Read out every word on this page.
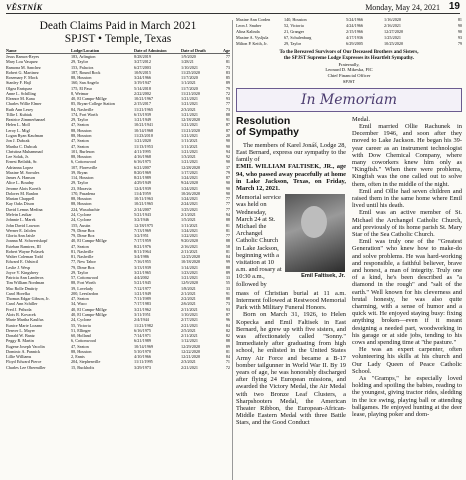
VĚSTNÍK	Monday, May 24, 2021 19
Death Claims Paid in March 2021
SPJST • Temple, Texas
Name	Lodge/Location	Date of Admission	Date of Death	Age
Jesus Ramos-Reyes	183, Arlington	8/28/2019	1/9/2020	77
Mary Lou Vasquez	29, Taylor	3/27/2012	1/28/21	81
Ramona M. Sanchez	153, Palacios	6/27/2003	1/10/2021	73
Robert G. Martinez	187, Round Rock	10/8/2015	11/25/2020	83
Rosemary F. Mock	88, Houston	3/24/1966	11/7/2020	85
Stanley F. Hajl	160, San Angelo	3/19/1947	1/1/2021	89
Olgea Enriquez	175, El Paso	5/14/2018	11/7/2020	79
Anne L. Schilling	8, Weimar	2/22/2002	11/21/2020	72
Eleanor M. Kana	40, El Campo-Millge	10/21/1967	1/21/2021	93
Charles Willie Elmer	85, Bryan-College Station	2/15/2017	1/21/2021	77
Ruth Ann Lesey	84, Nashville	11/21/1965	2/3/2021	73
Tillie I. Kubiak	174, Fort Worth	6/13/1939	1/21/2021	88
Beatrice Zimmerhanzel	29, Taylor	1/21/1949	12/18/2020	91
Helen L. Moll	47, Seaton	10/21/1941	1/21/2021	87
Leroy L. Migl	88, Houston	10/14/1968	11/21/2020	87
Logan Ryan Kaufman	88, Houston	11/23/2010	1/21/2021	20
Jon J. Dubcak	47, Seaton	1/21/2020	1/11/2021	90
Martha C. Dubcak	47, Seaton	11/13/1953	1/11/2021	90
Christina Muhammad	101, Burleson	4/11/1995	1/21/2021	94
Lee Solak, Jr.	88, Houston	4/16/1968	1/3/2021	92
Ernest Beilabk, Sr.	6, Cottonwood	6/16/1975	1/21/2021	90
Adrianna Lopez	107, Floresville	6/21/2007	12/28/2020	37
Maxine M. Sorrales	39, Bryan	8/20/1969	1/17/2021	79
James A. Hanson	114, Houston	8/21/1989	1/24/2021	87
Alice L. Boudny	29, Taylor	4/29/1949	9/24/2020	90
Jerome Alois Koerth	23, Moravia	12/4/1939	1/24/2021	90
Dolores M. Ranlon	170, Pasadena	11/4/1959	10/26/2020	90
Marian Chappell	88, Houston	10/11/1963	1/24/2021	77
Kay Oaks Dixon	88, Houston	10/21/1965	2/24/2021	77
David Lemus Medina	224, Waxahachie	2/14/2007	1/25/2021	77
Melvin Lesikar	24, Cyclone	5/21/1943	2/1/2021	94
Johnnie L. Marek	24, Cyclone	3/2/1946	1/5/2021	88
John David Lawson	155, Austin	12/18/1975	1/11/2021	81
Werner E. Jalolen	79, Dime Box	7/13/1969	1/24/2021	81
Gloria Ann Jaisle	79, Dime Box	3/2/1951	1/22/2021	77
Joanna M. Schwertskopf	40, El Campo-Millge	7/17/1959	9/20/2020	88
Esteban Ramirez, III	47, Seaton	8/21/1976	2/16/2021	58
Robert Wayne Polasek	81, Nashville	8/11/1964	2/11/2021	81
Walter Coleman Todd	81, Nashville	3/4/1986	12/25/2020	84
Edward E. Odstrcil	77, New Tabor	7/16/1955	10/18/2020	99
Leslie J. Wesp	79, Dime Box	3/13/1939	1/14/2021	88
Joyce V. Kingsbery	29, Taylor	3/21/1965	1/23/2021	89
Patricia Ann Landeros	57, Cottonwood	4/4/2002	1/21/2021	33
Tim William Nordman	88, Fort Worth	5/21/1945	12/9/2020	55
Mac Rolle Dmitriy	39, Lovelady	7/12/1977	1/8/2021	33
Carol Horelka	200, Leesfardon	1/21/1949	2/1/2021	91
Thomas Edgar Gibson, Jr.	47, Seaton	7/11/1989	2/2/2021	88
Carol Ann Schiller	34, Waco	7/17/1983	2/6/2021	73
Fred J. Prihoda	40, El Campo-Millge	3/21/1962	2/11/2021	93
Alois R. Kovacek	40, El Campo-Millge	3/11/1951	1/10/2021	87
Marie Martha Kaulfus	24, Cyclone	2/4/1944	2/17/2021	96
Eunice Marie Lozano	55, Victoria	11/21/1982	2/21/2021	84
Denver L. Mayer	51, Ellinger	6/16/1975	2/5/2021	82
Donald W. Bantz	60, Holland	7/14/1971	2/11/2021	82
Peggy R. Martin	6, Cottonwood	6/21/1989	1/12/2021	88
Eugene Joseph Vacolin	47, Seaton	10/14/1969	12/29/2020	89
Dominic A. Pannick	88, Houston	5/10/1970	12/22/2020	81
Lillie Williams	2, Ennis	4/10/1966	12/21/2020	84
Floyd Edward Pierce	204, Stephenville	11/11/1995	2/3/2021	71
Charles Lee Obermiller	15, Buckholts	3/29/1973	2/21/2021	72
Maxine Ann Corden	140, Houston	5/24/1966	1/16/2020	81
Leon J. Snuber	52, Victoria	4/24/1966	2/16/2021	90
Alina Kalinda	21, Granger	2/15/1966	12/27/2020	90
Maxine A. Vysljula	67, Schulenburg	4/17/1936	1/25/2021	93
Milton P. Keith, Jr.	29, Taylor	6/29/2005	10/25/2020	79
To the Bereaved Survivors of Our Deceased Brothers and Sisters,
the SPJST Supreme Lodge Expresses its Heartfelt Sympathy.
Fraternally,
Leonard D. Mikeska, FIC
Chief Financial Officer
SPJST
In Memoriam
Resolution
of Sympathy

The members of Karel Jonáš, Lodge 28, East Bernard, express our sympathy to the family of

EMIL WILLIAM FALTISEK, JR., age 94, who passed away peacefully at home in Lake Jackson, Texas, on Friday, March 12, 2021.

Memorial service was held on Wednesday, March 24 at St. Michael the Archangel Catholic Church in Lake Jackson, beginning with a visitation at 10 a.m. and rosary at 10:30 a.m., followed by
Emil Faltisek, Jr.

mass of Christian burial at 11 a.m. Interment followed at Restwood Memorial Park with Military Funeral Honors.

Born on March 31, 1926, to Helen Kopecka and Emil Faltisek in East Bernard, he grew up with five sisters, and was affectionately called "Sonny." Immediately after graduating from high school, he enlisted in the United States Army Air Force and became a B-17 bomber tailgunner in World War II. By 19 years of age, he was honorably discharged after flying 24 European missions, and awarded the Victory Medal, the Air Medal with two Bronze Leaf Clusters, a Sharpshooters Medal, the American Theater Ribbon, the European-African-Middle Eastern Medal with three Battle Stars, and the Good Conduct

Medal.

Emil married Ollie Rachunek in December 1946, and soon after they moved to Lake Jackson. He began his 39-year career as an instrument technologist with Dow Chemical Company, where many coworkers knew him only as "Kingfish." When there were problems, Kingfish was the one called out to solve them, often in the middle of the night.

Emil and Ollie had seven children and raised them in the same home where Emil lived until his death.

Emil was an active member of St. Michael the Archangel Catholic Church, and previously of its home parish St. Mary Star of the Sea Catholic Church.

Emil was truly one of the "Greatest Generation" who knew how to make-do and solve problems. He was hard-working and responsible, a faithful believer, brave and honest, a man of integrity. Truly one of a kind, he's been described as "a diamond in the rough" and "salt of the earth." Well known for his cleverness and brutal honesty, he was also quite charming, with a sense of humor and a quick wit. He enjoyed staying busy: fixing anything broken—even if it meant designing a needed part, woodworking in his garage or at side jobs, tending to his cows and spending time at "the pasture."

He was an expert carpenter, often volunteering his skills at his church and Our Lady Queen of Peace Catholic School.

As "Gramps," he especially loved holding and spoiling the babies, reading to the youngest, giving tractor rides, sledding in the ice swing, playing ball or attending ballgames. He enjoyed hunting at the deer lease, playing poker and dom-
